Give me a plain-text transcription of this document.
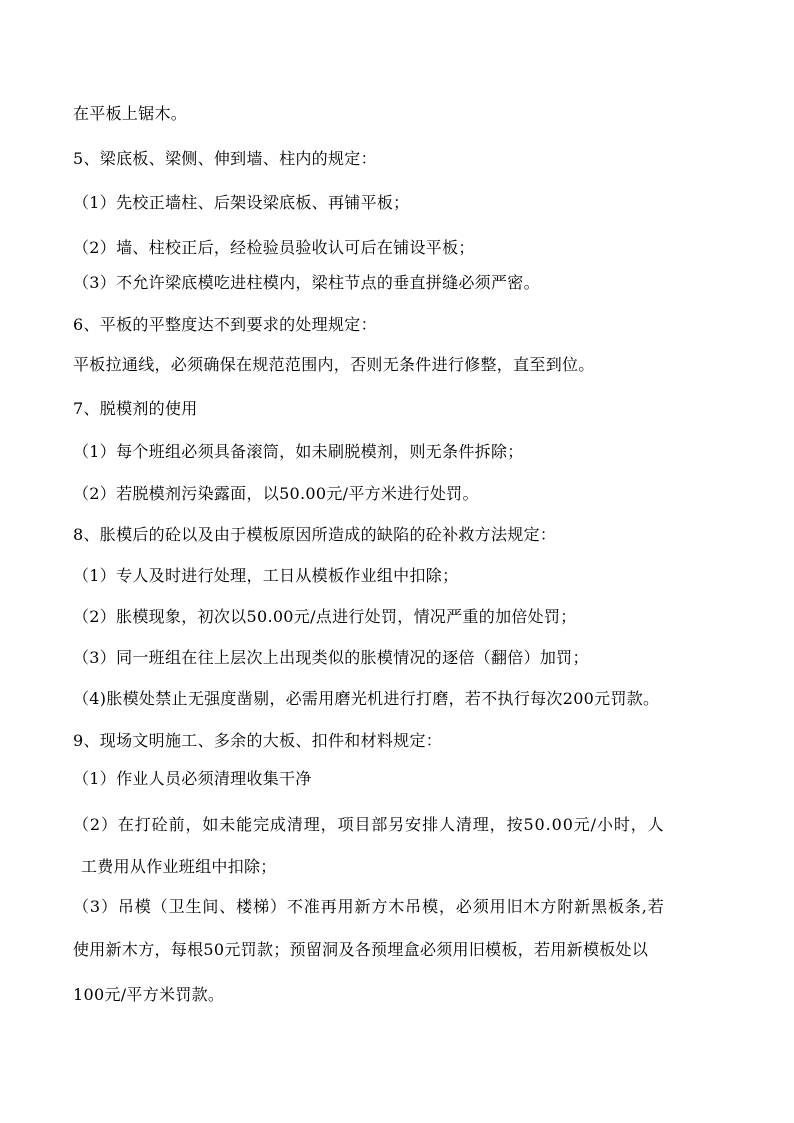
在平板上锯木。
5、梁底板、梁侧、伸到墙、柱内的规定：
（1）先校正墙柱、后架设梁底板、再铺平板；
（2）墙、柱校正后，经检验员验收认可后在铺设平板；
（3）不允许梁底模吃进柱模内，梁柱节点的垂直拼缝必须严密。
6、平板的平整度达不到要求的处理规定：
平板拉通线，必须确保在规范范围内，否则无条件进行修整，直至到位。
7、脱模剂的使用
（1）每个班组必须具备滚筒，如未刷脱模剂，则无条件拆除；
（2）若脱模剂污染露面，以50.00元/平方米进行处罚。
8、胀模后的砼以及由于模板原因所造成的缺陷的砼补救方法规定：
（1）专人及时进行处理，工日从模板作业组中扣除；
（2）胀模现象，初次以50.00元/点进行处罚，情况严重的加倍处罚；
（3）同一班组在往上层次上出现类似的胀模情况的逐倍（翻倍）加罚；
（4)胀模处禁止无强度凿剔，必需用磨光机进行打磨，若不执行每次200元罚款。
9、现场文明施工、多余的大板、扣件和材料规定：
（1）作业人员必须清理收集干净
（2）在打砼前，如未能完成清理，项目部另安排人清理，按50.00元/小时，人
工费用从作业班组中扣除；
（3）吊模（卫生间、楼梯）不准再用新方木吊模，必须用旧木方附新黑板条,若
使用新木方，每根50元罚款；预留洞及各预埋盒必须用旧模板，若用新模板处以
100元/平方米罚款。
